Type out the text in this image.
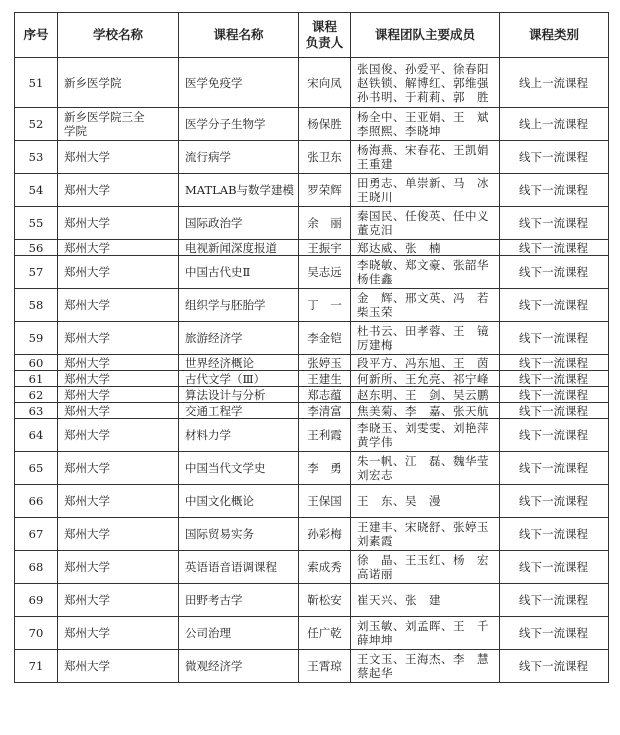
序号	学校名称	课程名称	课程
负责人	课程团队主要成员	课程类别
51	新乡医学院	医学免疫学	宋向凤	张国俊、孙爱平、徐春阳
赵铁锁、解博红、郭维强
孙书明、于莉莉、郭　胜	线上一流课程
52	新乡医学院三全
学院	医学分子生物学	杨保胜	杨全中、王亚娟、王　斌
李照熙、李晓坤	线上一流课程
53	郑州大学	流行病学	张卫东	杨海燕、宋春花、王凯娟
王重建	线下一流课程
54	郑州大学	MATLAB与数学建模	罗荣辉	田勇志、单崇新、马　冰
王晓川	线下一流课程
55	郑州大学	国际政治学	余　丽	秦国民、任俊英、任中义
董克汨	线下一流课程
56	郑州大学	电视新闻深度报道	王振宇	郑达威、张　楠	线下一流课程
57	郑州大学	中国古代史Ⅱ	吴志远	李晓敏、郑文豪、张韶华
杨佳鑫	线下一流课程
58	郑州大学	组织学与胚胎学	丁　一	金　辉、邢文英、冯　若
柴玉荣	线下一流课程
59	郑州大学	旅游经济学	李金铠	杜书云、田孝蓉、王　镜
厉建梅	线下一流课程
60	郑州大学	世界经济概论	张婷玉	段平方、冯东旭、王　茵	线下一流课程
61	郑州大学	古代文学（Ⅲ）	王建生	何新所、王允亮、祁宁峰	线下一流课程
62	郑州大学	算法设计与分析	郑志蕴	赵东明、王　剑、吴云鹏	线下一流课程
63	郑州大学	交通工程学	李清富	焦美菊、李　嘉、张天航	线下一流课程
64	郑州大学	材料力学	王利霞	李晓玉、刘雯雯、刘艳萍
黄学伟	线下一流课程
65	郑州大学	中国当代文学史	李　勇	朱一帆、江　磊、魏华莹
刘宏志	线下一流课程
66	郑州大学	中国文化概论	王保国	王　东、吴　漫	线下一流课程
67	郑州大学	国际贸易实务	孙彩梅	王建丰、宋晓舒、张婷玉
刘素霞	线下一流课程
68	郑州大学	英语语音语调课程	索成秀	徐　晶、王玉红、杨　宏
高诺丽	线下一流课程
69	郑州大学	田野考古学	靳松安	崔天兴、张　建	线下一流课程
70	郑州大学	公司治理	任广乾	刘玉敏、刘孟晖、王　千
薛坤坤	线下一流课程
71	郑州大学	微观经济学	王霄琼	王文玉、王海杰、李　慧
蔡起华	线下一流课程
